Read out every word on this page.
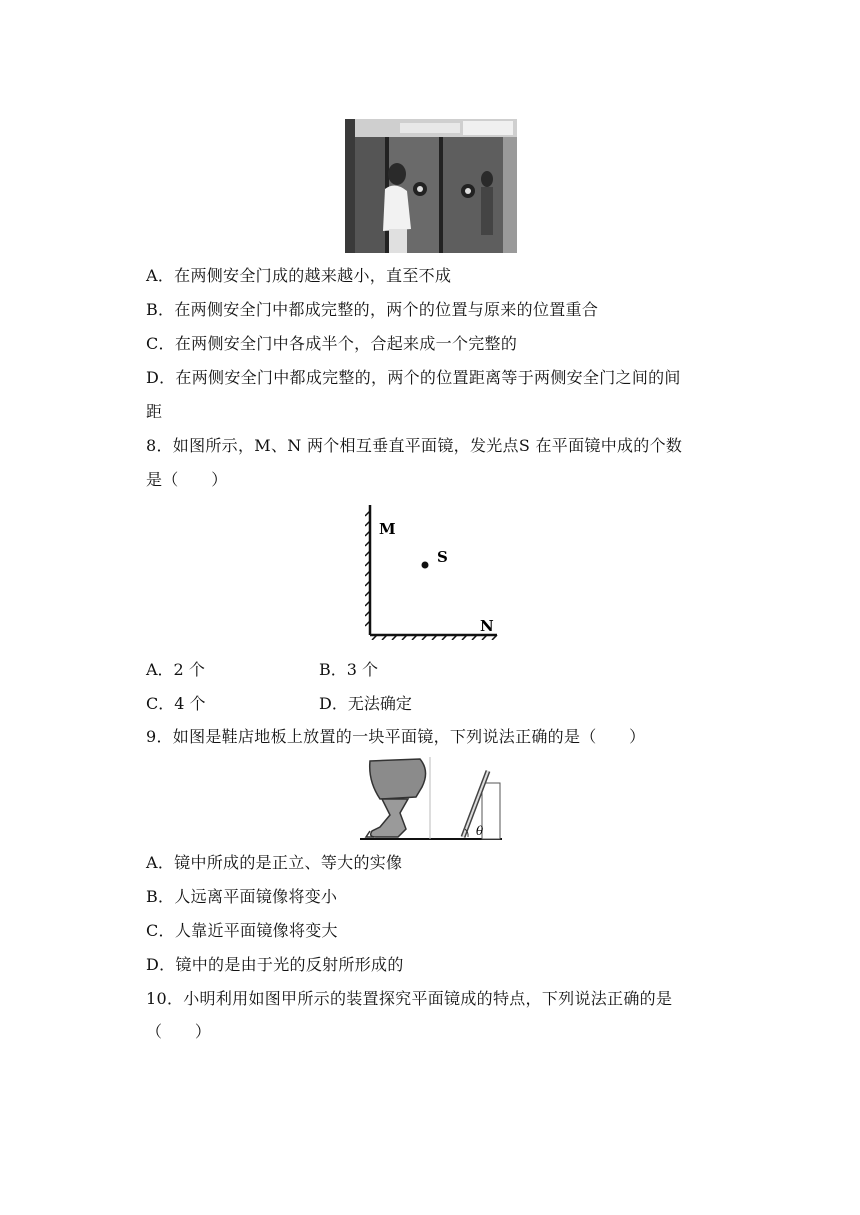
A．在两侧安全门成的越来越小，直至不成
B．在两侧安全门中都成完整的，两个的位置与原来的位置重合
C．在两侧安全门中各成半个，合起来成一个完整的
D．在两侧安全门中都成完整的，两个的位置距离等于两侧安全门之间的间
距
8．如图所示，M、N 两个相互垂直平面镜，发光点S 在平面镜中成的个数
是（　　）
M
S
N
A．2 个	B．3 个
C．4 个	D．无法确定
9．如图是鞋店地板上放置的一块平面镜，下列说法正确的是（　　）
θ
A．镜中所成的是正立、等大的实像
B．人远离平面镜像将变小
C．人靠近平面镜像将变大
D．镜中的是由于光的反射所形成的
10．小明利用如图甲所示的装置探究平面镜成的特点，下列说法正确的是
（　　）
